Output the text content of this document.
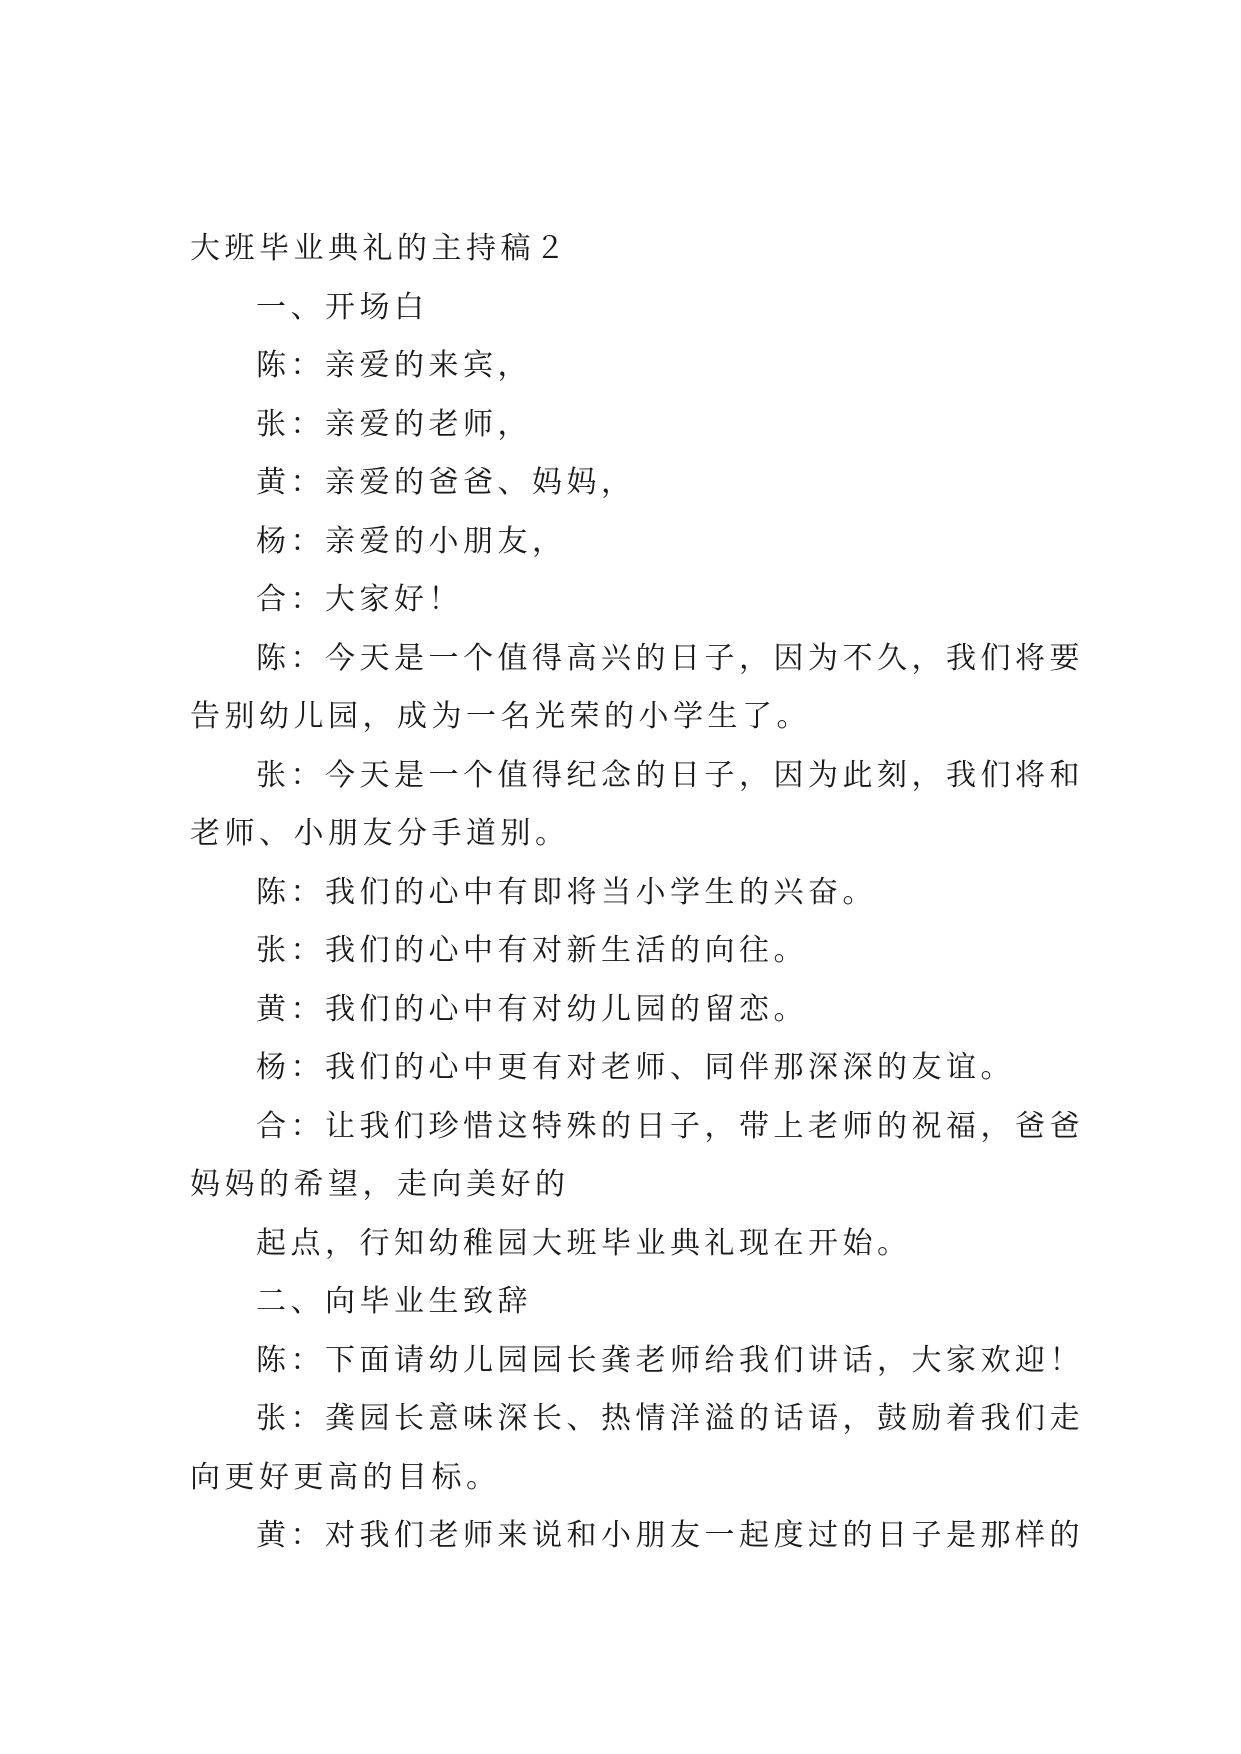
大班毕业典礼的主持稿２
一、开场白
陈：亲爱的来宾，
张：亲爱的老师，
黄：亲爱的爸爸、妈妈，
杨：亲爱的小朋友，
合：大家好！
陈：今天是一个值得高兴的日子，因为不久，我们将要
告别幼儿园，成为一名光荣的小学生了。
张：今天是一个值得纪念的日子，因为此刻，我们将和
老师、小朋友分手道别。
陈：我们的心中有即将当小学生的兴奋。
张：我们的心中有对新生活的向往。
黄：我们的心中有对幼儿园的留恋。
杨：我们的心中更有对老师、同伴那深深的友谊。
合：让我们珍惜这特殊的日子，带上老师的祝福，爸爸
妈妈的希望，走向美好的
起点，行知幼稚园大班毕业典礼现在开始。
二、向毕业生致辞
陈：下面请幼儿园园长龚老师给我们讲话，大家欢迎！
张：龚园长意味深长、热情洋溢的话语，鼓励着我们走
向更好更高的目标。
黄：对我们老师来说和小朋友一起度过的日子是那样的
